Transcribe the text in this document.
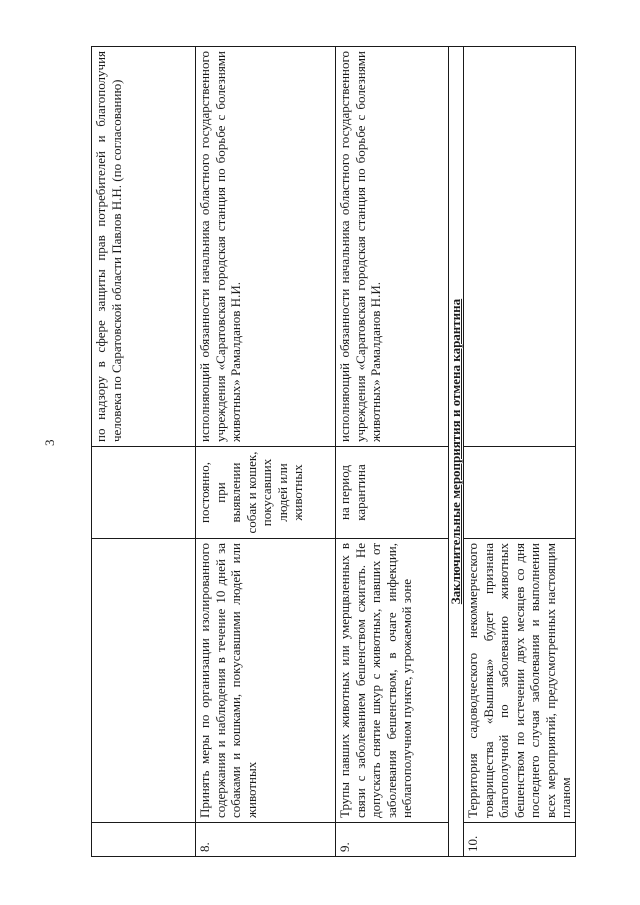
3
			по надзору в сфере защиты прав потребителей и благополучия человека по Саратовской области Павлов Н.Н. (по согласованию)
8.	Принять меры по организации изолированного содержания и наблюдения в течение 10 дней за собаками и кошками, покусавшими людей или животных	постоянно, при выявлении собак и кошек, покусавших людей или животных	исполняющий обязанности начальника областного государственного учреждения «Саратовская городская станция по борьбе с болезнями животных» Рамалданов Н.И.
9.	Трупы павших животных или умерщвленных в связи с заболеванием бешенством сжигать. Не допускать снятие шкур с животных, павших от заболевания бешенством, в очаге инфекции, неблагополучном пункте, угрожаемой зоне	на период карантина	исполняющий обязанности начальника областного государственного учреждения «Саратовская городская станция по борьбе с болезнями животных» Рамалданов Н.И.
Заключительные мероприятия и отмена карантина			
10.	Территория садоводческого некоммерческого товарищества «Вышивка» будет признана благополучной по заболеванию животных бешенством по истечении двух месяцев со дня последнего случая заболевания и выполнении всех мероприятий, предусмотренных настоящим планом		
